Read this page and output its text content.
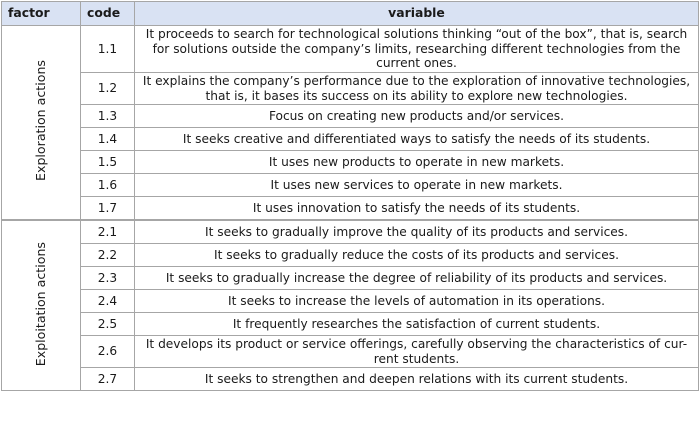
factor	code	variable
Exploration actions	1.1	It proceeds to search for technological solutions thinking “out of the box”, that is, search for solutions outside the company’s limits, researching different technologies from the current ones.
	1.2	It explains the company’s performance due to the exploration of innovative technologies, that is, it bases its success on its ability to explore new technologies.
	1.3	Focus on creating new products and/or services.
	1.4	It seeks creative and differentiated ways to satisfy the needs of its students.
	1.5	It uses new products to operate in new markets.
	1.6	It uses new services to operate in new markets.
	1.7	It uses innovation to satisfy the needs of its students.
Exploitation actions	2.1	It seeks to gradually improve the quality of its products and services.
	2.2	It seeks to gradually reduce the costs of its products and services.
	2.3	It seeks to gradually increase the degree of reliability of its products and services.
	2.4	It seeks to increase the levels of automation in its operations.
	2.5	It frequently researches the satisfaction of current students.
	2.6	It develops its product or service offerings, carefully observing the characteristics of cur-rent students.
	2.7	It seeks to strengthen and deepen relations with its current students.
